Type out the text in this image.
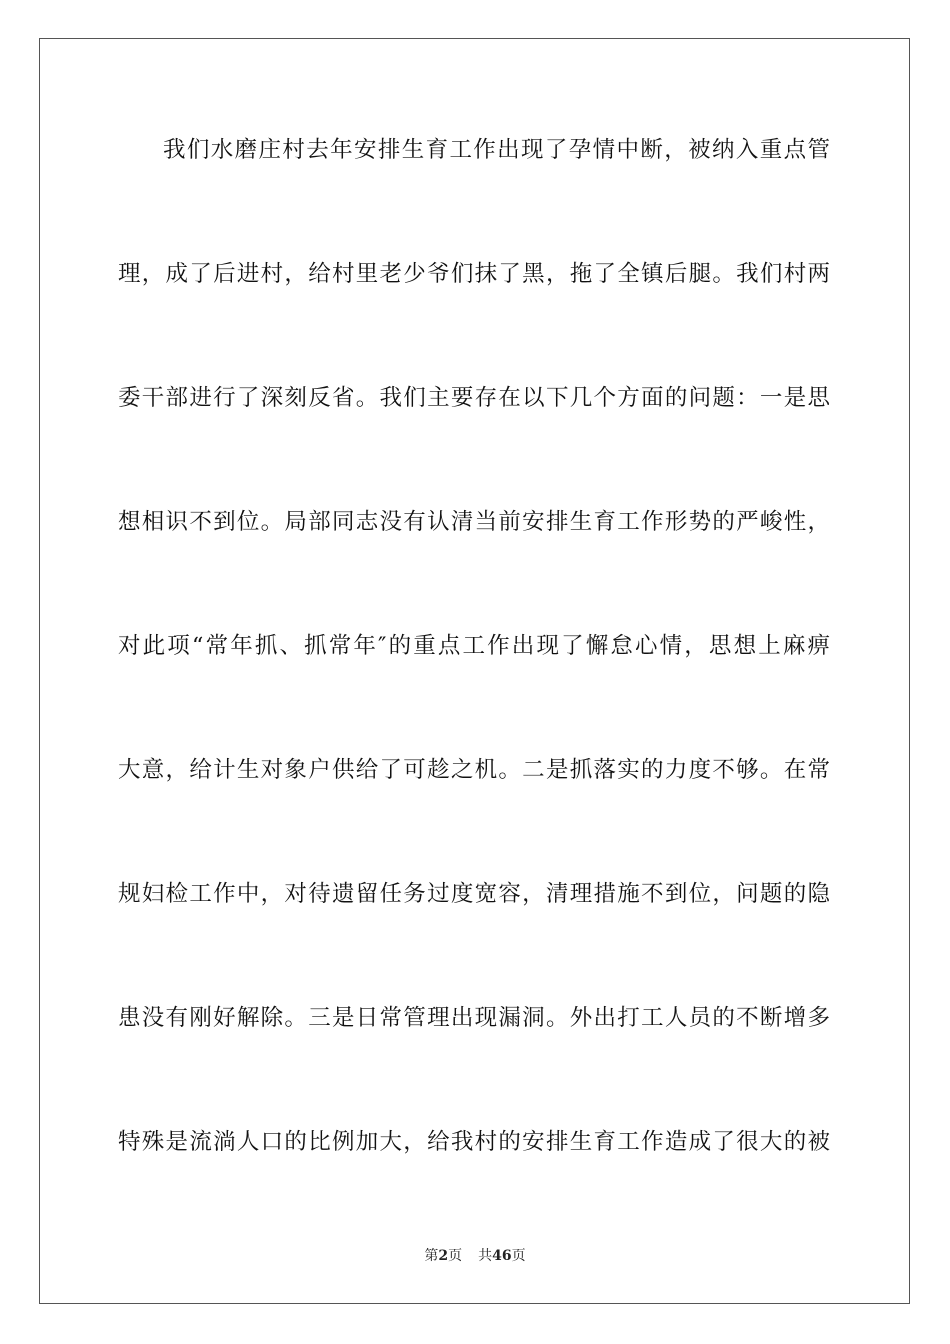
我们水磨庄村去年安排生育工作出现了孕情中断，被纳入重点管
理，成了后进村，给村里老少爷们抹了黑，拖了全镇后腿。我们村两
委干部进行了深刻反省。我们主要存在以下几个方面的问题：一是思
想相识不到位。局部同志没有认清当前安排生育工作形势的严峻性，
对此项“常年抓、抓常年″的重点工作出现了懈怠心情，思想上麻痹
大意，给计生对象户供给了可趁之机。二是抓落实的力度不够。在常
规妇检工作中，对待遗留任务过度宽容，清理措施不到位，问题的隐
患没有刚好解除。三是日常管理出现漏洞。外出打工人员的不断增多
特殊是流淌人口的比例加大，给我村的安排生育工作造成了很大的被
第2页 共46页
